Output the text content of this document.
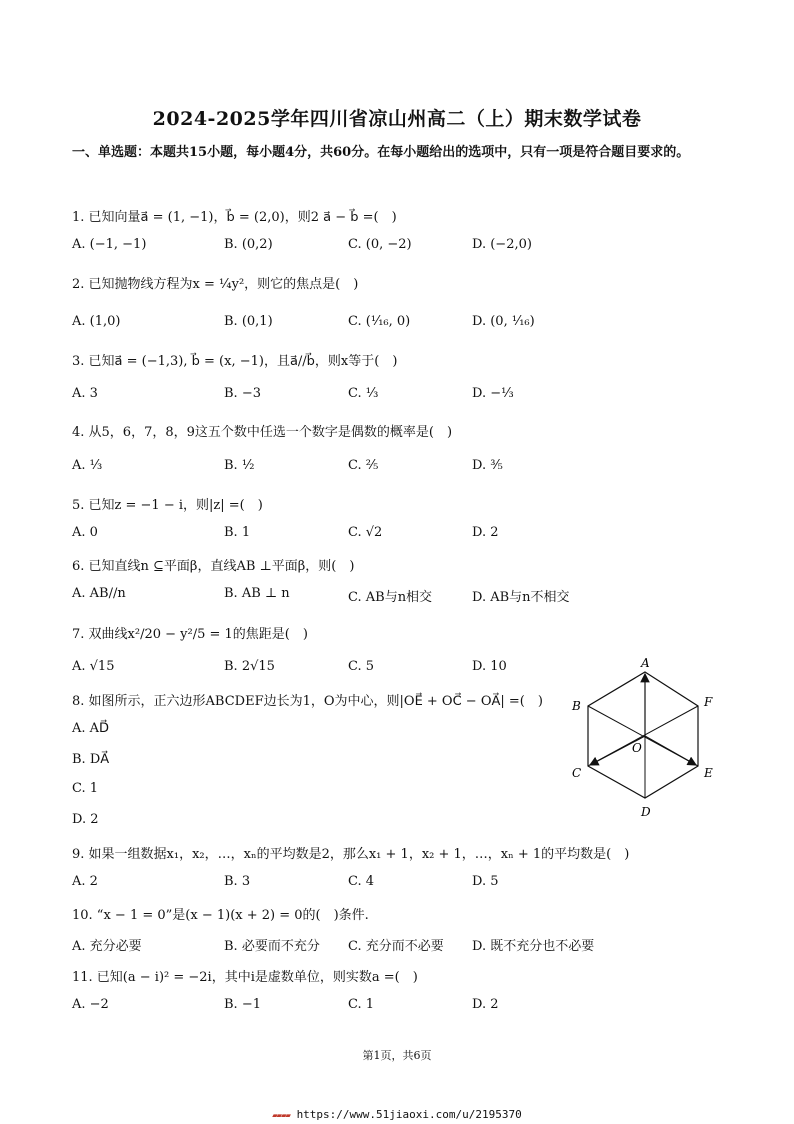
2024-2025学年四川省凉山州高二（上）期末数学试卷
一、单选题：本题共15小题，每小题4分，共60分。在每小题给出的选项中，只有一项是符合题目要求的。
1. 已知向量a⃗ = (1, −1)，b⃗ = (2,0)，则2 a⃗ − b⃗ =(　)
A. (−1, −1)	B. (0,2)	C. (0, −2)	D. (−2,0)
2. 已知抛物线方程为x = ¹⁄₄y²，则它的焦点是(　)
A. (1,0)	B. (0,1)	C. (¹⁄₁₆, 0)	D. (0, ¹⁄₁₆)
3. 已知a⃗ = (−1,3), b⃗ = (x, −1)，且a⃗//b⃗，则x等于(　)
A. 3	B. −3	C. ¹⁄₃	D. −¹⁄₃
4. 从5，6，7，8，9这五个数中任选一个数字是偶数的概率是(　)
A. ¹⁄₃	B. ¹⁄₂	C. ²⁄₅	D. ³⁄₅
5. 已知z = −1 − i，则|z| =(　)
A. 0	B. 1	C. √2	D. 2
6. 已知直线n ⊆平面β，直线AB ⊥平面β，则(　)
A. AB//n	B. AB ⊥ n	C. AB与n相交	D. AB与n不相交
7. 双曲线x²/20 − y²/5 = 1的焦距是(　)
A. √15	B. 2√15	C. 5	D. 10
8. 如图所示，正六边形ABCDEF边长为1，O为中心，则|OE⃗ + OC⃗ − OA⃗| =(　)
A. AD⃗
B. DA⃗
C. 1
D. 2
A
B
C
D
E
F
O
9. 如果一组数据x₁，x₂，…，xₙ的平均数是2，那么x₁ + 1，x₂ + 1，…，xₙ + 1的平均数是(　)
A. 2	B. 3	C. 4	D. 5
10. “x − 1 = 0”是(x − 1)(x + 2) = 0的(　)条件.
A. 充分必要	B. 必要而不充分 C. 充分而不必要 D. 既不充分也不必要
11. 已知(a − i)² = −2i，其中i是虚数单位，则实数a =(　)
A. −2	B. −1	C. 1	D. 2
第1页，共6页
▰▰▰▰ https://www.51jiaoxi.com/u/2195370
